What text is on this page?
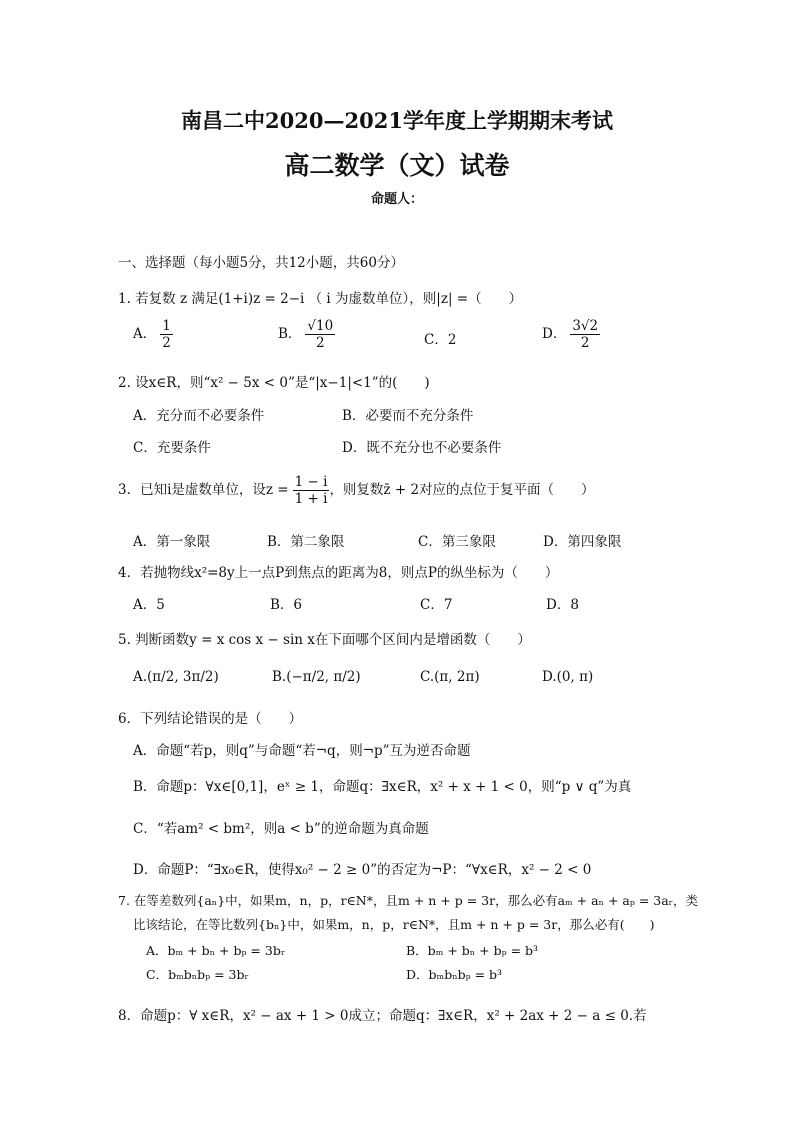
南昌二中2020—2021学年度上学期期末考试
高二数学（文）试卷
命题人：
一、选择题（每小题5分，共12小题，共60分）
1. 若复数 z 满足(1+i)z = 2−i （ i 为虚数单位），则|z| =（　　）
A． $\frac{1}{2}$	B． $\frac{√10}{2}$	C．2	D． $\frac{3√2}{2}$
2. 设x∈R，则“x² − 5x < 0”是“|x−1|<1”的(　　)
A．充分而不必要条件	B．必要而不充分条件
C．充要条件	D．既不充分也不必要条件
3．已知i是虚数单位，设$z = \frac{1 - i}{1 + i}$ ，则复数z̄ + 2对应的点位于复平面（　　）
A．第一象限	B．第二象限	C．第三象限	D．第四象限
4．若抛物线x²=8y上一点P到焦点的距离为8，则点P的纵坐标为（　　）
A．5	B．6	C．7	D．8
5. 判断函数y = x cos x − sin x在下面哪个区间内是增函数（　　）
A.(π/2, 3π/2)	B.(−π/2, π/2)	C.(π, 2π)	D.(0, π)
6．下列结论错误的是（　　）
A．命题“若p，则q”与命题“若¬q，则¬p”互为逆否命题
B．命题p：∀x∈[0,1]，eˣ ≥ 1，命题q：∃x∈R，x² + x + 1 < 0，则“p ∨ q”为真
C．“若am² < bm²，则a < b”的逆命题为真命题
D．命题P：“∃x₀∈R，使得x₀² − 2 ≥ 0”的否定为¬P：“∀x∈R，x² − 2 < 0
7. 在等差数列{aₙ}中，如果m，n，p，r∈N*，且m + n + p = 3r，那么必有aₘ + aₙ + aₚ = 3aᵣ，类
比该结论，在等比数列{bₙ}中，如果m，n，p，r∈N*，且m + n + p = 3r，那么必有(　　)
A．bₘ + bₙ + bₚ = 3bᵣ	B．bₘ + bₙ + bₚ = b³
C．bₘbₙbₚ = 3bᵣ	D．bₘbₙbₚ = b³
8．命题p：∀ x∈R，x² − ax + 1 > 0成立；命题q：∃x∈R，x² + 2ax + 2 − a ≤ 0.若
